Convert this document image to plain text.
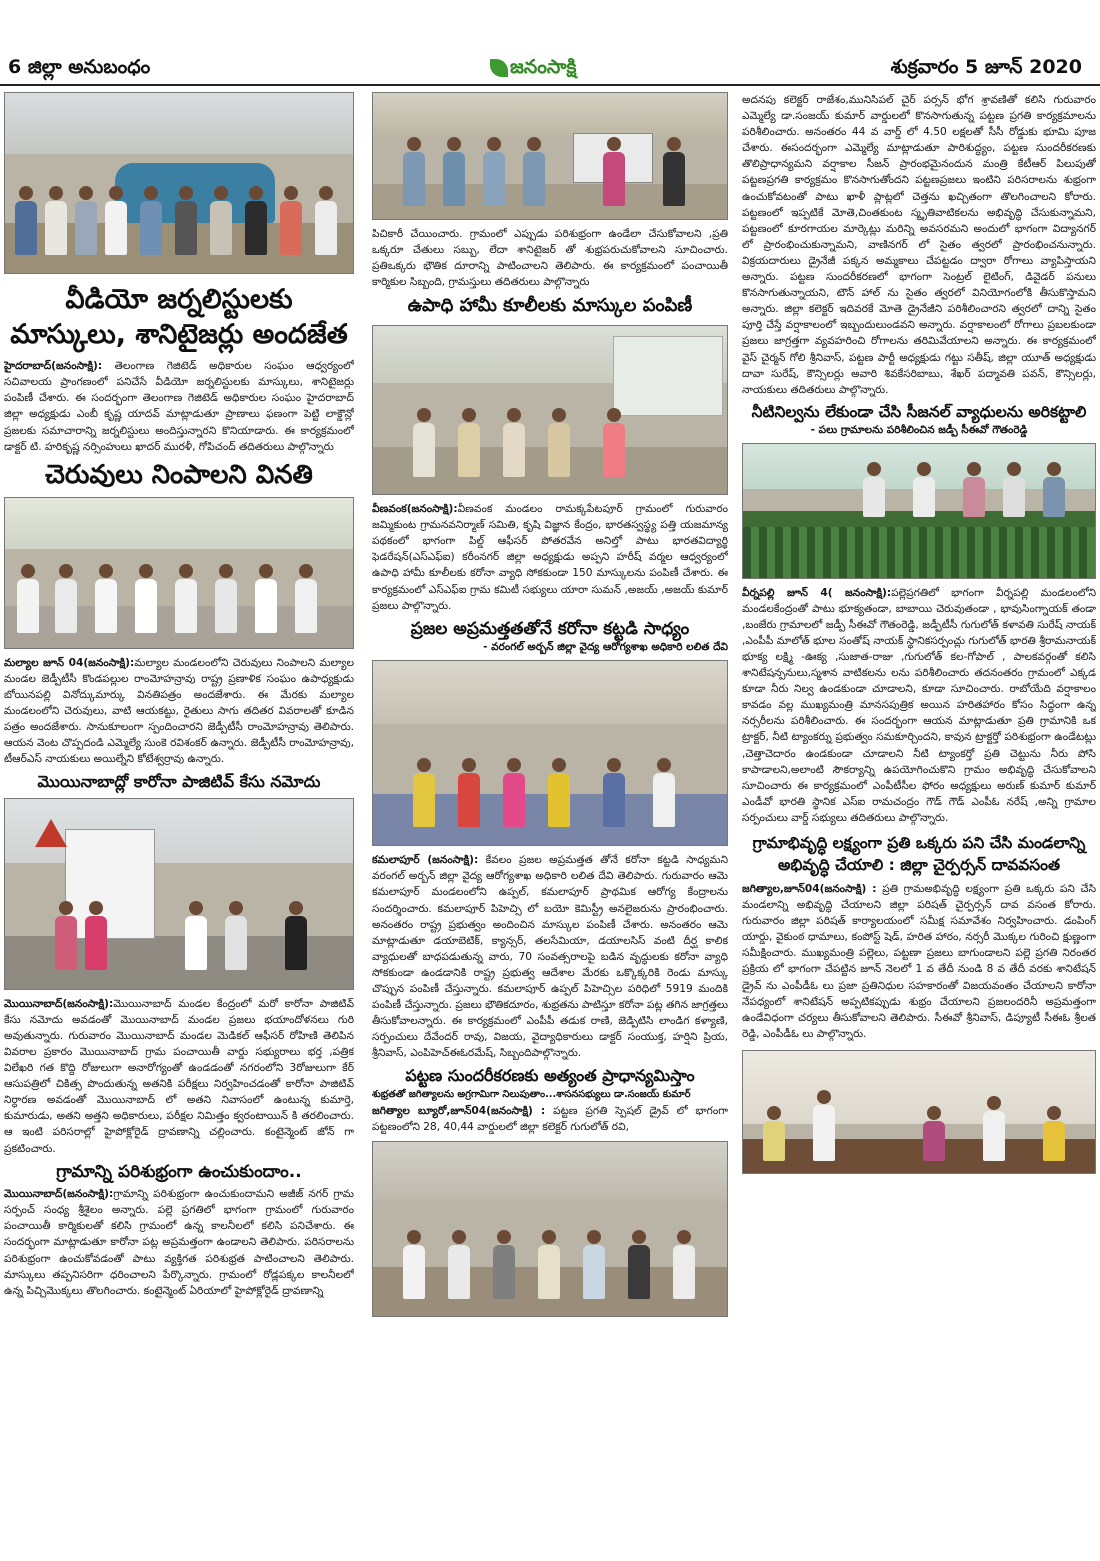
6 జిల్లా అనుబంధం	జనంసాక్షి	శుక్రవారం 5 జూన్ 2020
వీడియో జర్నలిస్టులకు మాస్కులు, శానిటైజర్లు అందజేత
హైదరాబాద్(జనంసాక్షి): తెలంగాణ గెజిటెడ్ అధికారుల సంఘం ఆధ్వర్యంలో సచివాలయ ప్రాంగణంలో పనిచేసే వీడియో జర్నలిస్టులకు మాస్కులు, శానిటైజర్లు పంపిణీ చేశారు. ఈ సందర్భంగా తెలంగాణ గెజిటెడ్ అధికారుల సంఘం హైదరాబాద్ జిల్లా అధ్యక్షుడు ఎంబీ కృష్ణ యాదవ్ మాట్లాడుతూ ప్రాణాలు ఫణంగా పెట్టి లాక్డౌన్లో ప్రజలకు సమాచారాన్ని జర్నలిస్టులు అందిస్తున్నారని కొనియాడారు. ఈ కార్యక్రమంలో డాక్టర్ టి. హరికృష్ణ నర్సింహులు ఖాదర్ మురళీ, గోపిచంద్ తదితరులు పాల్గొన్నారు
చెరువులు నింపాలని వినతి
మల్యాల జూన్ 04(జనంసాక్షి):మల్యాల మండలంలోని చెరువులు నింపాలని మల్యాల మండల జెడ్పీటీసీ కొండపల్లుల రాంమోహన్రావు రాష్ట్ర ప్రణాళిక సంఘం ఉపాధ్యక్షుడు బోయినపల్లి వినోద్కుమార్కు వినతిపత్రం అందజేశారు. ఈ మేరకు మల్యాల మండలంలోని చెరువులు, వాటి ఆయకట్టు, రైతులు సాగు తదితర వివరాలతో కూడిన పత్రం అందజేశారు. సానుకూలంగా స్పందించారని జెడ్పీటీసీ రాంమోహన్రావు తెలిపారు. ఆయన వెంట చొప్పదండి ఎమ్మెల్యే సుంకె రవిశంకర్ ఉన్నారు. జెడ్పీటీసీ రాంమోహన్రావు, టీఆర్ఎస్ నాయకులు అయిల్నేని కోటేశ్వర్రావు ఉన్నారు.
మొయినాబాద్లో కారోనా పాజిటివ్ కేసు నమోదు
మొయినాబాద్(జనంసాక్షి):మొయినాబాద్ మండల కేంద్రంలో మరో కారోనా పాజిటివ్ కేసు నమోదు అవడంతో మొయినాబాద్ మండల ప్రజలు భయాందోళనలు గురి అవుతున్నారు. గురువారం మొయినాబాద్ మండల మెడికల్ ఆఫీసర్ రోహిణి తెలిపిన వివరాల ప్రకారం మొయినాబాద్ గ్రామ పంచాయితీ వార్డు సభ్యురాలు భర్త ,పత్రిక విలేఖరి గత కొద్ది రోజులుగా అనారోగ్యంతో ఉండడంతో నగరంలోని 3రోజులుగా కేర్ ఆసుపత్రిలో చికిత్స పొందుతున్న అతనికి పరీక్షలు నిర్వహించడంతో కారోనా పాజిటివ్ నిర్ధారణ అవడంతో మొయినాబాద్ లో అతని నివాసంలో ఉంటున్న కుమార్తె, కుమారుడు, అతని అత్తని అధికారులు, పరీక్షల నిమిత్తం క్వరంటాయిన్ కి తరలించారు. ఆ ఇంటి పరిసరాల్లో హైపోక్లోరైడ్ ద్రావణాన్ని చల్లించారు. కంటైన్మెంట్ జోన్ గా ప్రకటించారు.
గ్రామాన్ని పరిశుభ్రంగా ఉంచుకుందాం..
మొయినాబాద్(జనంసాక్షి):గ్రామాన్ని పరిశుభ్రంగా ఉంచుకుందామని అజీజ్ నగర్ గ్రామ సర్పంచ్ సంధ్య శ్రీశైలం అన్నారు. పల్లె ప్రగతిలో భాగంగా గ్రామంలో గురువారం పంచాయితీ కార్మికులతో కలిసి గ్రామంలో ఉన్న కాలనీలలో కలిసి పనిచేశారు. ఈ సందర్భంగా మాట్లాడుతూ కారోనా పట్ల అప్రమత్తంగా ఉండాలని తెలిపారు. పరిసరాలను పరిశుభ్రంగా ఉంచుకోవడంతో పాటు వ్యక్తిగత పరిశుభ్రత పాటించాలని తెలిపారు. మాస్కులు తప్పనిసరిగా ధరించాలని పేర్కొన్నారు. గ్రామంలో రోడ్లపక్కల కాలనీలలో ఉన్న పిచ్చిమొక్కలు తొలగించారు. కంటైన్మెంట్ ఏరియాలో హైపోక్లోరైడ్ ద్రావణాన్ని
పిచికారీ చేయించారు. గ్రామంలో ఎప్పుడు పరిశుభ్రంగా ఉండేలా చేసుకోవాలని ,ప్రతి ఒక్కరూ చేతులు సబ్బు, లేదా శానిటైజర్ తో శుభ్రపరుచుకోవాలని సూచించారు. ప్రతిఒక్కరు భౌతిక దూరాన్ని పాటించాలని తెలిపారు. ఈ కార్యక్రమంలో పంచాయితీ కార్మికుల సిబ్బంది, గ్రామస్తులు తదితరులు పాల్గొన్నారు
ఉపాధి హామీ కూలీలకు మాస్కుల పంపిణీ
వీణవంక(జనంసాక్షి):వీణవంక మండలం రామక్కపేటపూర్ గ్రామంలో గురువారం జమ్మికుంట గ్రామనవనిర్మాణ్ సమితి, కృషి విజ్ఞాన కేంద్రం, భారతస్వస్థ్య పత్తి యజమాన్య పథకంలో భాగంగా పిల్డ్ ఆఫీసర్ పోతరవేన అనిల్తో పాటు భారతవిద్యార్థి ఫెడరేషన్(ఎస్ఎఫ్ఐ) కరీంనగర్ జిల్లా అధ్యక్షుడు అప్పని హరీష్ వర్మల ఆధ్వర్యంలో ఉపాధి హామీ కూలీలకు కరోనా వ్యాధి సోకకుండా 150 మాస్కులను పంపిణీ చేశారు. ఈ కార్యక్రమంలో ఎస్ఎఫ్ఐ గ్రామ కమిటీ సభ్యులు యారా సుమన్ ,అజయ్ ,అజయ్ కుమార్ ప్రజలు పాల్గొన్నారు.
ప్రజల అప్రమత్తతతోనే కరోనా కట్టడి సాధ్యం
- వరంగల్ అర్బన్ జిల్లా వైద్య ఆరోగ్యశాఖ అధికారి లలిత దేవి
కమలాపూర్ (జనంసాక్షి): కేవలం ప్రజల అప్రమత్తత తోనే కరోనా కట్టడి సాధ్యమని వరంగల్ అర్బన్ జిల్లా వైద్య ఆరోగ్యశాఖ అధికారి లలిత దేవి తెలిపారు. గురువారం ఆమె కమలాపూర్ మండలంలోని ఉప్పల్, కమలాపూర్ ప్రాథమిక ఆరోగ్య కేంద్రాలను సందర్శించారు. కమలాపూర్ పిహెచ్సి లో బయో కెమిస్ట్రీ అనలైజరును ప్రారంభించారు. అనంతరం రాష్ట్ర ప్రభుత్వం అందించిన మాస్కుల పంపిణీ చేశారు. అనంతరం ఆమె మాట్లాడుతూ డయాబెటిక్, క్యాన్సర్, తలసేమియా, డయాలసిస్ వంటి దీర్ఘ కాలిక వ్యాధులతో బాధపడుతున్న వారు, 70 సంవత్సరాలపై బడిన వృద్ధులకు కరోనా వ్యాధి సోకకుండా ఉండడానికి రాష్ట్ర ప్రభుత్వ ఆదేశాల మేరకు ఒక్కొక్కరికి రెండు మాస్కు చొప్పున పంపిణీ చేస్తున్నారు. కమలాపూర్ ఉప్పల్ పిహెచ్సిల పరిధిలో 5919 మందికి పంపిణీ చేస్తున్నారు. ప్రజలు భౌతికదూరం, శుభ్రతను పాటిస్తూ కరోనా పట్ల తగిన జాగ్రత్తలు తీసుకోవాలన్నారు. ఈ కార్యక్రమంలో ఎంపీపీ తడుక రాణి, జెడ్పిటిసి లాండిగ కళ్యాణి, సర్పంచులు దేవేందర్ రావు, విజయ, వైద్యాధికారులు డాక్టర్ సంయుక్త, హర్షిని ప్రియ, శ్రీనివాస్, ఎంపిహెచ్ఈఓరమేష్, సిబ్బందిపాల్గొన్నారు.
పట్టణ సుందరీకరణకు అత్యంత ప్రాధాన్యమిస్తాం
శుభ్రతతో జగిత్యాలను అగ్రగామిగా నిలుపుతాం...శాసనసభ్యులు డా.సంజయ్ కుమార్
జగిత్యాల బ్యూరో,జూన్04(జనంసాక్షి) : పట్టణ ప్రగతి స్పెషల్ డ్రైవ్ లో భాగంగా పట్టణంలోని 28, 40,44 వార్డులలో జిల్లా కలెక్టర్ గుగులోత్ రవి,
అదనపు కలెక్టర్ రాజేశం,మునిసిపల్ చైర్ పర్సన్ భోగ శ్రావణితో కలిసి గురువారం ఎమ్మెల్యే డా.సంజయ్ కుమార్ వార్డులలో కొనసాగుతున్న పట్టణ ప్రగతి కార్యక్రమాలను పరిశీలించారు. అనంతరం 44 వ వార్డ్ లో 4.50 లక్షలతో సీసీ రోడ్డుకు భూమి పూజ చేశారు. ఈసందర్భంగా ఎమ్మెల్యే మాట్లాడుతూ పారిశుద్ధ్యం, పట్టణ సుందరీకరణకు తొలిప్రాధాన్యమని వర్షాకాల సీజన్ ప్రారంభమైనందున మంత్రి కేటీఆర్ పిలుపుతో పట్టణప్రగతి కార్యక్రమం కొనసాగుతోందని పట్టణప్రజలు ఇంటిని పరిసరాలను శుభ్రంగా ఉంచుకోవటంతో పాటు ఖాళీ ప్లాట్లలో చెత్తను ఖచ్చితంగా తొలగించాలని కోరారు. పట్టణంలో ఇప్పటికే మోతె,చింతకుంట స్మృతివాటికలను అభివృద్ధి చేసుకున్నామని, పట్టణంలో కూరగాయల మార్కెట్లు మరిన్ని అవసరమని అందులో భాగంగా విద్యానగర్ లో ప్రారంభించుకున్నామని, వాణినగర్ లో సైతం త్వరలో ప్రారంభించనున్నారు. విక్రయదారులు డ్రైనేజీ పక్కన అమ్మకాలు చేపట్టడం ద్వారా రోగాలు వ్యాపిస్తాయని అన్నారు. పట్టణ సుందరీకరణలో భాగంగా సెంట్రల్ లైటింగ్, డివైడర్ పనులు కొనసాగుతున్నాయని, టౌన్ హాల్ ను సైతం త్వరలో వినియోగంలోకి తీసుకొస్తామని అన్నారు. జిల్లా కలెక్టర్ ఇదివరకే మోతె డ్రైనేజీని పరిశీలించారని త్వరలో దాన్ని సైతం పూర్తి చేస్తే వర్షాకాలంలో ఇబ్బందులుండవని అన్నారు. వర్షాకాలంలో రోగాలు ప్రబలకుండా ప్రజలు జాగ్రత్తగా వ్యవహరించి రోగాలను తరిమివేయాలని అన్నారు. ఈ కార్యక్రమంలో వైస్ చైర్మన్ గోలి శ్రీనివాస్, పట్టణ పార్టీ అధ్యక్షుడు గట్టు సతీష్, జిల్లా యూత్ అధ్యక్షుడు దావా సురేష్, కౌన్సిలర్లు అవారి శివకేసరిబాబు, శేఖర్ పద్మావతి పవన్, కౌన్సిలర్లు, నాయకులు తదితరులు పాల్గొన్నారు.
నీటినిల్వను లేకుండా చేసి సీజనల్ వ్యాధులను అరికట్టాలి
- పలు గ్రామాలను పరిశీలించిన జడ్పీ సీఈవో గౌతంరెడ్డి
వీర్నపల్లి జూన్ 4( జనంసాక్షి):పల్లెప్రగతిలో భాగంగా వీర్నపల్లి మండలంలోని మండలకేంద్రంతో పాటు భూక్యతండా, బాబాయి చెరువుతండా , భావుసింగ్నాయక్ తండా ,బంజేరు గ్రామాలలో జడ్పీ సీఈవో గౌతంరెడ్డి, జడ్పీటీసీ గుగులోత్ కళావతి సురేష్ నాయక్ ,ఎంపీపీ మాలోత్ భూల సంతోష్ నాయక్ స్థానికసర్పంచ్లు గుగులోత్ భారతి శ్రీరామనాయక్ భూక్య లక్ష్మి -ఊక్య ,సుజాత-రాజు ,గుగులోత్ కల-గోపాల్ , పాలకవర్గంతో కలిసి శానిటేషన్పనులు,స్మశాన వాటికలను లను పరిశీలించారు తదనంతరం గ్రామంలో ఎక్కడ కూడా నీరు నిల్వ ఉండకుండా చూడాలని, కూడా సూచించారు. రాబోయేది వర్షాకాలం కావడం వల్ల ముఖ్యమంత్రి మానసపుత్రిక అయిన హరితహారం కోసం సిద్ధంగా ఉన్న నర్సరీలను పరిశీలించారు. ఈ సందర్భంగా ఆయన మాట్లాడుతూ ప్రతి గ్రామానికి ఒక ట్రాక్టర్, నీటి ట్యాంకర్ను ప్రభుత్వం సమకూర్చిందని, కావున ట్రాక్టర్తో పరిశుభ్రంగా ఉండేటట్లు ,చెత్తాచెదారం ఉండకుండా చూడాలని నీటి ట్యాంకర్తో ప్రతి చెట్టును నీరు పోసి కాపాడాలని,అలాంటి సౌకర్యాన్ని ఉపయోగించుకొని గ్రామం అభివృద్ధి చేసుకోవాలని సూచించారు ఈ కార్యక్రమంలో ఎంపీటీసీల ఫోరం అధ్యక్షులు అరుణ్ కుమార్ కుమార్ ఎండీవో భారతి స్థానిక ఎస్ఐ రామచంద్రం గౌడ్ గౌడ్ ఎంపీఓ నరేష్ ,అన్ని గ్రామాల సర్పంచులు వార్డ్ సభ్యులు తదితరులు పాల్గొన్నారు.
గ్రామాభివృద్ధి లక్ష్యంగా ప్రతి ఒక్కరు పని చేసి మండలాన్ని అభివృద్ధి చేయాలి : జిల్లా చైర్పర్సన్ దావవసంత
జగిత్యాల,జూన్04(జనంసాక్షి) : ప్రతి గ్రామఅభివృద్ధి లక్ష్యంగా ప్రతి ఒక్కరు పని చేసి మండలాన్ని అభివృద్ధి చేయాలని జిల్లా పరిషత్ చైర్పర్సన్ దావ వసంత కోరారు. గురువారం జిల్లా పరిషత్ కార్యాలయంలో సమీక్ష సమావేశం నిర్వహించారు. డంపింగ్ యార్డు, వైకుంఠ ధామాలు, కంపోస్ట్ షెడ్, హరిత హారం, నర్సరీ మొక్కల గురించి క్షుణ్ణంగా సమీక్షించారు. ముఖ్యమంత్రి పల్లెలు, పట్టణా ప్రజలు బాగుండాలని పల్లె ప్రగతి నిరంతర ప్రక్రియ లో భాగంగా చేపట్టిన జూన్ నెలలో 1 వ తేదీ నుండి 8 వ తేదీ వరకు శానిటేషన్ డ్రైవ్ ను ఎంపీడీఓ లు ప్రజా ప్రతినిధుల సహకారంతో విజయవంతం చేయాలని కారోనా నేపధ్యంలో శానిటేషన్ అప్పటికప్పుడు శుభ్రం చేయాలని ప్రజలందరినీ అప్రమత్తంగా ఉండేవిధంగా చర్యలు తీసుకోవాలని తెలిపారు. సీఈవో శ్రీనివాస్, డిప్యూటీ సీఈఓ శ్రీలత రెడ్డి, ఎంపీడీఓ లు పాల్గొన్నారు.
